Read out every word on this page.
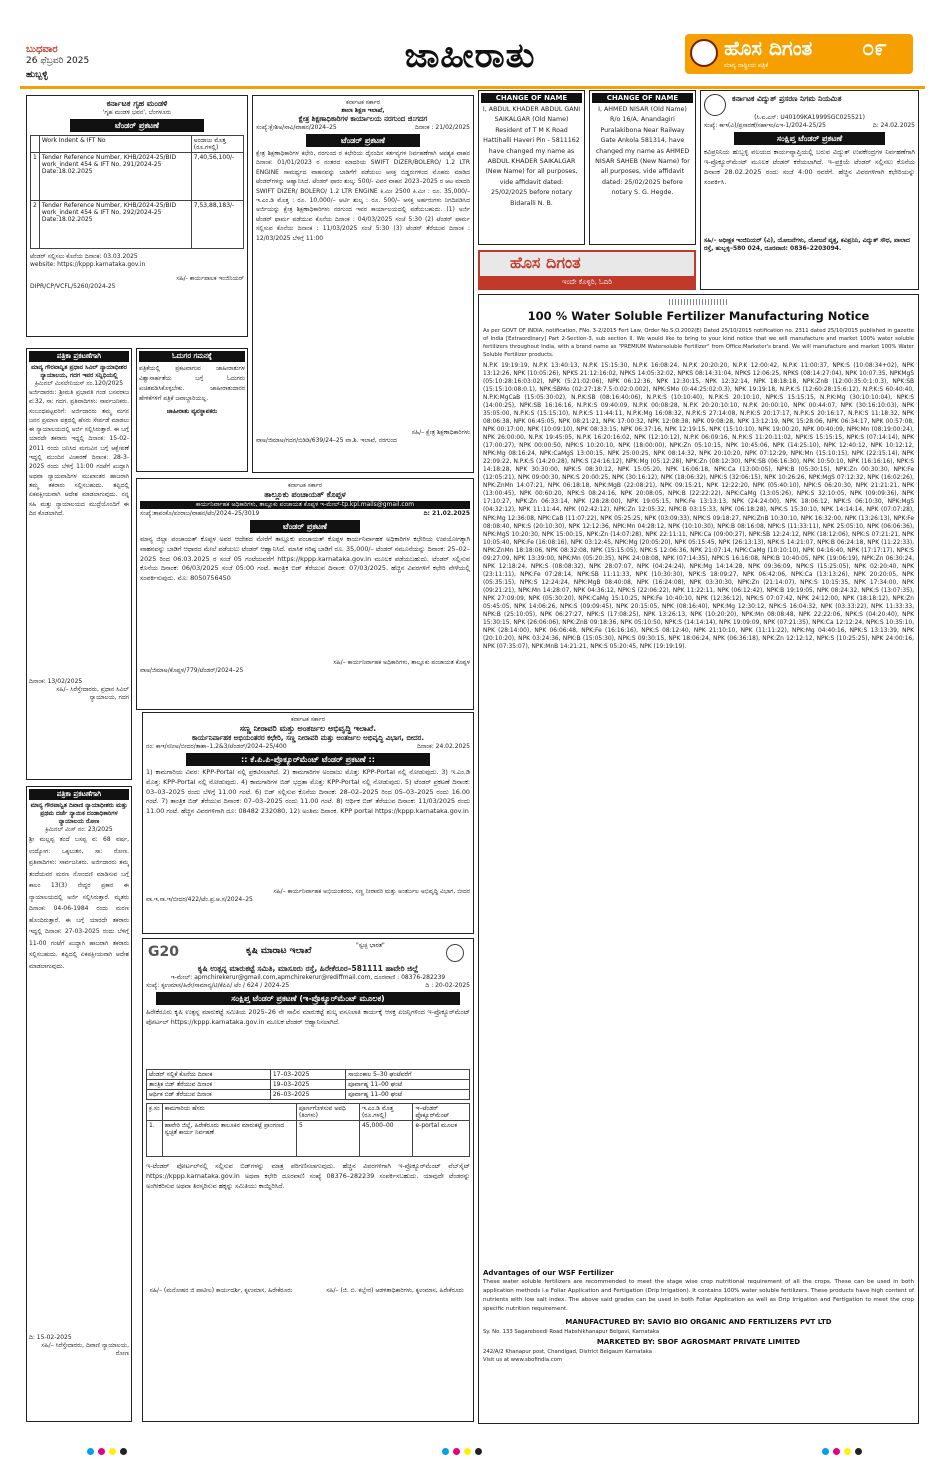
ಬುಧವಾರ
26 ಫೆಬ್ರವರಿ 2025
ಹುಬ್ಬಳ್ಳಿ	ಜಾಹೀರಾತು	ಹೊಸ ದಿಗಂತ
ಮಾನ್ಯ ರಾಷ್ಟ್ರೀಯ ಪತ್ರಿಕೆ
೦೯
ಕರ್ನಾಟಕ ಗೃಹ ಮಂಡಳಿ
'ಗೃಹ ಮಂಡಳಿ ಭವನ', ಬೆಂಗಳೂರು
ಟೆಂಡರ್ ಪ್ರಕಟಣೆ
	Work Indent & IFT No	ಅಂದಾಜು ಮೊತ್ತ (ರೂ.ಗಳಲ್ಲಿ)
1	Tender Reference Number, KHB/2024-25/BID work_indent 454 & IFT No. 291/2024-25 Date:18.02.2025	7,40,56,100/-
2	Tender Reference Number, KHB/2024-25/BID work_indent 454 & IFT No. 292/2024-25 Date:18.02.2025	7,53,88,183/-
ಟೆಂಡರ್ ಸಲ್ಲಿಸಲು ಕೊನೆಯ ದಿನಾಂಕ: 03.03.2025
website: https://kppp.karnataka.gov.in
ಸಹಿ/- ಕಾರ್ಯಪಾಲಕ ಇಂಜಿನಿಯರ್
DIPR/CP/VCFL/5260/2024-25
ಕರ್ನಾಟಕ ಸರ್ಕಾರ
ಶಾಲಾ ಶಿಕ್ಷಣ ಇಲಾಖೆ,
ಕ್ಷೇತ್ರ ಶಿಕ್ಷಣಾಧಿಕಾರಿಗಳ ಕಾರ್ಯಾಲಯ ನರಗುಂದ ಜಿ:ಗದಗ
ಸಂಖ್ಯೆ:ಕ್ಷೇಶಿಅ/ಸಾವಿ/ವಾಹನ/2024–25	ದಿನಾಂಕ : 21/02/2025
ಟೆಂಡರ್ ಪ್ರಕಟಣೆ
ಕ್ಷೇತ್ರ ಶಿಕ್ಷಣಾಧಿಕಾರಿಗಳ ಕಛೇರಿ, ನರಗುಂದ ರ ಕಛೇರಿಯ ದೈನಂದಿನ ಕರ್ತವ್ಯಗಳ ನಿರ್ವಹಣೆಗಾಗಿ ಅವಶ್ಯಕ ವಾಹನ ದಿನಾಂಕ: 01/01/2023 ರ ನಂತರದ ಮಾದರಿಯ SWIFT DIZER/BOLERO/ 1.2 LTR ENGINE ಸಾಮರ್ಥ್ಯದ ವಾಹನವನ್ನು ಬಾಡಿಗೆಗೆ ಪಡೆಯಲು ಆಸಕ್ತ ಬಿಡ್ಡರುಗಳಿಂದ ಮೊಹರು ಮಾಡಿದ ಟೆಂಡರ್‌ಗಳನ್ನು ಆಹ್ವಾನಿಸಿದೆ. ಟೆಂಡರ್ ಫಾರಂ ಶುಲ್ಕ: 500/- ವಿವರ ವಾಹನ 2023–2025 ರ ಆಟ ಮಾದರಿ SWIFT DIZER/ BOLERO/ 1.2 LTR ENGINE ಕಿ.ಮೀ 2500 ಕಿ.ಮೀ : ರೂ. 35,000/– ಇ.ಎಂ.ಡಿ ಮೊತ್ತ : ರೂ. 10,000/– ಆರ್ಟಿ ಶುಲ್ಕ : ರೂ. 500/– ಆಸಕ್ತ ಅರ್ಹರುಗಳು ನಿಗದಿಪಡಿಸಿದ ಅರ್ಜಿಯನ್ನು ಕ್ಷೇತ್ರ ಶಿಕ್ಷಣಾಧಿಕಾರಿಗಳು ನರಗುಂದ ಇವರ ಕಾರ್ಯಾಲಯದಲ್ಲಿ ಪಡೆಯಬಹುದು. (1) ಅರ್ಜಿ ಟೆಂಡರ್ ಫಾರ್ಮ ಪಡೆಯುವ ಕೊನೆಯ ದಿನಾಂಕ : 04/03/2025 ಸಂಜೆ 5:30 (2) ಟೆಂಡರ್ ಫಾರ್ಮ ಸಲ್ಲಿಸುವ ಕೊನೆಯ ದಿನಾಂಕ : 11/03/2025 ಸಂಜೆ 5:30 (3) ಟೆಂಡರ್ ತೆರೆಯುವ ದಿನಾಂಕ : 12/03/2025 ಬೆಳಿಗ್ಗೆ 11:00
ಸಹಿ/– ಕ್ಷೇತ್ರ ಶಿಕ್ಷಣಾಧಿಕಾರಿಗಳು
ವಾಅ/ಜಿಮಾಅ/ಗದಗ/ಬಿಡಿಡಿ/639/24–25 ವಾ.ಶಿ. ಇಲಾಖೆ, ನರಗುಂದ
CHANGE OF NAME
I, ABDUL KHADER ABDUL GANI SAIKALGAR (Old Name) Resident of T M K Road Hattihalli Haveri Pin - 5811162 have changed my name as ABDUL KHADER SAIKALGAR (New Name) for all purposes, vide affidavit dated: 25/02/2025 before notary Bidaralli N. B.
CHANGE OF NAME
I, AHMED NISAR (Old Name) R/o 16/A, Anandagiri Puralakibona Near Railway Gate Ankola 581314, have changed my name as AHMED NISAR SAHEB (New Name) for all purposes, vide affidavit dated: 25/02/2025 before notary S. G. Hegde.
ಹೊಸ ದಿಗಂತ
ಇಂದೇ ಕೊಳ್ಳಿರಿ, ಓದಿರಿ
ಕರ್ನಾಟಕ ವಿದ್ಯುತ್ ಪ್ರಸರಣ ನಿಗಮ ನಿಯಮಿತ
(ಸಿ.ಐ.ಎನ್: U40109KA1999SGC025521)
ಸಂಖ್ಯೆ: ಕಾಇ(ವಿ)/ಪ್ರಸಾರಣೆ/ಸಹಾಇಂ/ಎಇ-1/2024-25/25	ದಿ: 24.02.2025
ಸಂಕ್ಷಿಪ್ತ ಟೆಂಡರ್ ಪ್ರಕಟಣೆ
ಕವಿಪ್ರನಿನಿಯ ಹುಬ್ಬಳ್ಳಿ ವಲಯದ ಕಾರ್ಯವ್ಯಾಪ್ತಿಯಲ್ಲಿ ಬರುವ ವಿದ್ಯುತ್ ಉಪಕೇಂದ್ರಗಳ ನಿರ್ವಹಣೆಗಾಗಿ ಇ-ಪ್ರೊಕ್ಯೂರ್‌ಮೆಂಟ್ ಮೂಲಕ ಟೆಂಡರ್ ಕರೆಯಲಾಗಿದೆ. ಇ–ಪ್ರಕ್ರಿಯೆ ಟೆಂಡರ್ ಸಲ್ಲಿಸಲು ಕೊನೆಯ ದಿನಾಂಕ 28.02.2025 ರಂದು ಸಂಜೆ 4:00 ರವರೆಗೆ. ಹೆಚ್ಚಿನ ವಿವರಗಳಿಗಾಗಿ ಕಛೇರಿಯನ್ನು ಸಂಪರ್ಕಿಸಿ.
ಸಹಿ/– ಅಧೀಕ್ಷಕ ಇಂಜಿನಿಯರ್ (ವಿ), ಯೋಜನೆಗಳು, ಯೋಜನೆ ವೃತ್ತ, ಕವಿಪ್ರನಿನಿ, ವಿದ್ಯುತ್ ಸೌಧ, ಪಾಲಾದ ರಸ್ತೆ, ಹುಬ್ಬಳ್ಳಿ–580 024, ದೂರವಾಣಿ: 0836–2203094.
100 % Water Soluble Fertilizer Manufacturing Notice
As per GOVT OF INDIA, notification, FNo. 3-2/2015 Fert Law, Order No.S.O.2002(E) Dated 25/10/2015 notification no. 2311 dated 25/10/2015 published in gazette of India [Extraordinary] Part 2-Section-3, sub section II. We would like to bring to your kind notice that we will manufacture and market 100% water soluble fertilizers throughout India, with a brand name as "PREMIUM Watersoluble Fertilizer" from Office:Marketer's brand. We will manufacture and market 100% Water Soluble Fertilizer products.
N.P.K 19:19:19, N.P.K 13:40:13, N.P.K 15:15:30, N.P.K 16:08:24, N.P.K 20:20:20, N.P.K 12:00:42, N.P.K 11:00:37, NPK:S (10:08:34+02), NPK 13:12:26, NPK (10:05:26), NPKS 21:12:16:02, NPKS 14:05:32:02, NPKS 08:14:31:04, NPKS 12:06:25, NPKS (08:14:27:04), NPK 10:07:35, NPKMgS (05:10:28:16:03:02), NPK (5:21:02:06), NPK 06:12:36, NPK 12:30:15, NPK 12:32:14, NPK 18:18:18, NPK:ZnB (12:00:35:0:1:0.3), NPK:SB (15:15:10:08:0.1), NPK:SBMo (02:27:18:7.5:0.02:0.002), NPK:SMo (0:44:25:02:0.3), NPK 19:19:18, N.P.K:S (12:60:28:15:6:12), N.P.K:S 60:40:40, N.P.K:MgCaB (15:05:30:02), N.P.K:SB (08:16:40:06), N.P.K:S (10:10:40), N.P.K:S 20:10:10, NPK:S 15:15:15, N.P.K:Mg (30:10:10:04), NPK:S (14:00:25), NPK:SB 16:16:16, N.P.K:S 09:40:09, N.P.K 00:08:28, N.P.K 20:20:10:10, N.P.K 20:00:10, NPK 00:44:07, NPK (30:16:10:03), NPK 35:05:00, N.P.K:S (15:15:10), N.P.K:S 11:44:11, N.P.K:Mg 16:08:32, N.P.K:S 27:14:08, N.P.K:S 20:17:17, N.P.K:S 20:16:17, N.P.K:S 11:18:32, NPK 08:06:38, NPK 06:45:05, NPK 08:21:21, NPK 17:00:32, NPK 12:08:38, NPK 09:08:28, NPK 13:12:19, NPK 15:28:06, NPK 06:34:17, NPK 00:57:08, NPK 00:17:00, NPK (10:09:10), NPK 08:33:15, NPK 06:37:16, NPK 12:19:15, NPK (15:10:10), NPK 19:00:20, NPK 00:40:09, NPK:Mn (08:19:00:24), NPK 26:00:00, N.P.K 19:45:05, N.P.K 16:20:16:02, NPK (12:10:12), N.P.K 06:09:16, N.P.K:S 11:20:11:02, NPK:S 15:15:15, NPK:S (07:14:14), NPK (17:00:27), NPK 00:00:50, NPK:S 10:20:10, NPK (18:00:00), NPK:Zn 05:10:15, NPK 10:45:06, NPK (14:25:10), NPK 12:40:12, NPK 10:12:12, NPK:Mg 08:16:24, NPK:CaMgS 13:00:15, NPK 25:00:25, NPK 08:14:32, NPK 20:10:20, NPK 07:12:29, NPK:Mn (15:10:15), NPK (22:15:14), NPK 22:09:22, N.P.K:S (14:20:28), NPK:S (24:16:12), NPK:Mg (05:12:28), NPK:Zn (08:12:30), NPK:SB (06:16:30), NPK 10:50:10, NPK (16:16:16), NPK:S 14:18:28, NPK 30:30:00, NPK:S 08:30:12, NPK 15:05:20, NPK 16:06:18, NPK:Ca (13:00:05), NPK:B (05:30:15), NPK:Zn 00:30:30, NPK:Fe (12:05:21), NPK 09:00:30, NPK:S 20:00:25, NPK (30:16:12), NPK (18:06:32), NPK:S (32:06:15), NPK 10:26:26, NPK:MgS 07:12:32, NPK (16:02:26), NPK:ZnMn 14:07:21, NPK 06:18:18, NPK:MgB (22:08:21), NPK 09:15:21, NPK 12:22:20, NPK (05:40:10), NPK:S 06:20:30, NPK 21:21:21, NPK (13:00:45), NPK 00:60:20, NPK:S 08:24:16, NPK 20:08:05, NPK:B (22:22:22), NPK:CaMg (13:05:26), NPK:S 32:10:05, NPK (09:09:36), NPK 17:10:27, NPK:Zn 06:33:14, NPK (28:28:00), NPK 19:05:15, NPK:Fe 13:13:13, NPK (24:24:00), NPK 18:06:12, NPK:S 06:10:30, NPK:MgS (04:32:12), NPK 11:11:44, NPK (02:42:12), NPK:Zn 12:05:32, NPK:B 03:15:33, NPK (06:18:28), NPK:S 15:30:10, NPK 14:14:14, NPK (07:07:28), NPK:Mg 12:36:08, NPK:CaB (11:07:22), NPK 05:25:25, NPK (03:09:33), NPK:S 09:18:27, NPK:ZnB 10:30:10, NPK 16:32:00, NPK (13:26:13), NPK:Fe 08:08:40, NPK:S (20:10:30), NPK 12:12:36, NPK:Mn 04:28:12, NPK (10:10:30), NPK:B 08:16:08, NPK:S (11:33:11), NPK 25:05:10, NPK (06:06:36), NPK:MgS 10:20:30, NPK 15:00:15, NPK:Zn (14:07:28), NPK 22:11:11, NPK:Ca (09:00:27), NPK:SB 12:24:12, NPK (18:12:06), NPK:S 07:21:21, NPK 10:05:40, NPK:Fe (16:08:16), NPK 03:12:45, NPK:Mg (20:05:20), NPK 05:15:45, NPK (26:13:13), NPK:S 14:21:07, NPK:B 06:24:18, NPK (11:22:33), NPK:ZnMn 18:18:06, NPK 08:32:08, NPK (15:15:05), NPK:S 12:06:36, NPK 21:07:14, NPK:CaMg (10:10:10), NPK 04:16:40, NPK (17:17:17), NPK:S 09:27:09, NPK 13:39:00, NPK:Mn (05:20:35), NPK 24:08:08, NPK (07:14:35), NPK:S 16:16:08, NPK:B 10:40:05, NPK (19:06:19), NPK:Zn 06:30:24, NPK 12:18:24, NPK:S (08:08:32), NPK 28:07:07, NPK (04:24:24), NPK:Mg 14:14:28, NPK 09:36:09, NPK:S (15:25:05), NPK 02:20:40, NPK (23:11:11), NPK:Fe 07:28:14, NPK:SB 11:11:33, NPK (10:30:30), NPK:S 18:09:27, NPK 06:42:06, NPK:Ca (13:13:26), NPK 20:20:05, NPK (05:35:15), NPK:S 12:24:24, NPK:MgB 08:40:08, NPK (16:24:08), NPK 03:30:30, NPK:Zn (21:14:07), NPK:S 10:15:35, NPK 17:34:00, NPK (09:21:21), NPK:Mn 14:28:07, NPK 04:36:12, NPK:S (22:06:22), NPK 11:22:11, NPK (06:12:42), NPK:B 19:19:05, NPK 08:24:32, NPK:S (13:07:35), NPK 27:09:09, NPK (05:30:20), NPK:CaMg 15:10:25, NPK:Fe 10:40:10, NPK (12:36:12), NPK:S 07:07:42, NPK 24:12:00, NPK (18:18:12), NPK:Zn 05:45:05, NPK 14:06:26, NPK:S (09:09:45), NPK 20:15:05, NPK (08:16:40), NPK:Mg 12:30:12, NPK:S 16:04:32, NPK (03:33:22), NPK 11:33:33, NPK:B (25:10:05), NPK 06:27:27, NPK:S (17:08:25), NPK 13:26:13, NPK (10:20:20), NPK:Mn 08:08:48, NPK 22:22:06, NPK:S (04:20:40), NPK 15:30:15, NPK (26:06:06), NPK:ZnB 09:18:36, NPK 05:10:50, NPK:S (14:14:14), NPK 19:09:09, NPK (07:21:35), NPK:Ca 12:12:24, NPK:S 10:35:10, NPK (28:14:00), NPK 06:06:48, NPK:Fe (16:16:16), NPK:S 08:12:40, NPK 21:10:10, NPK (11:11:22), NPK:Mg 04:40:16, NPK:S 13:13:39, NPK (20:10:20), NPK 03:24:36, NPK:B (15:05:30), NPK:S 09:30:15, NPK 18:06:24, NPK (06:36:18), NPK:Zn 12:12:12, NPK:S (10:25:25), NPK 24:00:16, NPK (07:35:07), NPK:MnB 14:21:21, NPK:S 05:20:45, NPK (19:19:19).
Advantages of our WSF Fertilizer
These water soluble fertilizers are recommended to meet the stage wise crop nutritional requirement of all the crops. These can be used in both application methods i.e Foliar Application and Fertigation (Drip Irrigation). It contains 100% water soluble fertilizers. These products have high content of nutrients with low salt index. The above said grades can be used in both Foliar Application as well as Drip Irrigation and Fertigation to meet the crop specific nutrition requirement.
MANUFACTURED BY: SAVIO BIO ORGANIC AND FERTILIZERS PVT LTD
Sy. No. 133 Sagarebeedi Road Habshikhanapur Belgavi, Karnataka
MARKETED BY: SBOF AGROSMART PRIVATE LIMITED
242/A/2 Khanapur post, Chandigad, District Belgaum Karnataka
Visit us at www.sbofindia.com
ಪತ್ರಿಕಾ ಪ್ರಕಟಣೆಗಾಗಿ
ಮಾನ್ಯ ಗೌರವಾನ್ವಿತ ಪ್ರಧಾನ ಸಿವಿಲ್ ನ್ಯಾಯಾಧೀಶರ ನ್ಯಾಯಾಲಯ, ಗದಗ ಇವರ ಸನ್ನಿಧಿಯಲ್ಲಿ
ಕ್ರಿಮಿನಲ್ ಮಿಸಲೇನಿಯಸ್ ನಂ.120/2025
ಅರ್ಜಿದಾರರು: ಶ್ರೀಮತಿ ಪ್ರಭಾವತಿ ಗಂಡ ಬಸವರಾಜ ವ:32, ಸಾ: ಗದಗ. ಪ್ರತಿವಾದಿಗಳು: ಸಾರ್ವಜನಿಕರು. ಸಂಬಂಧಪಟ್ಟವರಿಗೆ: ಅರ್ಜಿದಾರರು ತಮ್ಮ ಮಗನ ಜನನ ಪ್ರಮಾಣ ಪತ್ರದಲ್ಲಿ ಹೆಸರು ಸೇರ್ಪಡೆ ಮಾಡಲು ಈ ನ್ಯಾಯಾಲಯದಲ್ಲಿ ಅರ್ಜಿ ಸಲ್ಲಿಸಿರುತ್ತಾರೆ. ಈ ಬಗ್ಗೆ ಯಾರದೇ ತಕರಾರು ಇದ್ದಲ್ಲಿ ದಿನಾಂಕ: 15-02-2011 ರಂದು ಜನಿಸಿದ ಮಗುವಿನ ಬಗ್ಗೆ ಆಕ್ಷೇಪಣೆ ಇದ್ದಲ್ಲಿ ಮುಂದಿನ ವಿಚಾರಣೆ ದಿನಾಂಕ: 28-3-2025 ರಂದು ಬೆಳಿಗ್ಗೆ 11:00 ಗಂಟೆಗೆ ಖುದ್ದಾಗಿ ಅಥವಾ ನ್ಯಾಯವಾದಿಗಳ ಮುಖಾಂತರ ಹಾಜರಾಗಿ ತಮ್ಮ ತಕರಾರು ಸಲ್ಲಿಸಬಹುದು. ತಪ್ಪಿದಲ್ಲಿ ಏಕಪಕ್ಷೀಯವಾಗಿ ಆದೇಶ ಮಾಡಲಾಗುವುದು. ನನ್ನ ಸಹಿ ಮತ್ತು ನ್ಯಾಯಾಲಯದ ಮುದ್ರೆಯೊಂದಿಗೆ ಈ ದಿನ ಕೊಡಲಾಗಿದೆ.
ದಿನಾಂಕ: 13/02/2025
ಸಹಿ/– ಸಿರೆಸ್ತೇದಾರರು, ಪ್ರಧಾನ ಸಿವಿಲ್ ನ್ಯಾಯಾಲಯ, ಗದಗ
ಓದುಗರ ಗಮನಕ್ಕೆ
ಪತ್ರಿಕೆಯಲ್ಲಿ ಪ್ರಕಟವಾಗುವ ಜಾಹೀರಾತುಗಳ ವಿಶ್ವಾಸಾರ್ಹತೆಯ ಬಗ್ಗೆ ಓದುಗರು ಖಚಿತಪಡಿಸಿಕೊಳ್ಳಬೇಕು. ಜಾಹೀರಾತುದಾರರ ಹೇಳಿಕೆಗಳಿಗೆ ಪತ್ರಿಕೆ ಜವಾಬ್ದಾರಿಯಲ್ಲ.
ಜಾಹೀರಾತು ವ್ಯವಸ್ಥಾಪಕರು
ಕರ್ನಾಟಕ ಸರ್ಕಾರ
ತಾಲ್ಲೂಕು ಪಂಚಾಯತ್ ಕೊಪ್ಪಳ
ಕಾರ್ಯನಿರ್ವಾಹಕ ಅಧಿಕಾರಿಗಳು, ತಾಲ್ಲೂಕು ಪಂಚಾಯತ ಕೊಪ್ಪಳ ಇ-ಮೇಲ್-tp.kpl.mails@gmail.com
ಸಂಖ್ಯೆ:ತಾಪಂಕೊ/ಪಂರಾಜ/ವಾಹನ/ಟೆಂ/2024–25/3019	ದಿ: 21.02.2025
ಟೆಂಡರ್ ಪ್ರಕಟಣೆ
ಮಾನ್ಯ ಜಿಲ್ಲಾ ಪಂಚಾಯತ್ ಕೊಪ್ಪಳ ಅವರ ಆದೇಶದ ಮೇರೆಗೆ ತಾಲ್ಲೂಕು ಪಂಚಾಯತ್ ಕೊಪ್ಪಳ ಕಾರ್ಯನಿರ್ವಾಹಕ ಅಧಿಕಾರಿಗಳ ಕಛೇರಿಯ ಉಪಯೋಗಕ್ಕಾಗಿ ವಾಹನವನ್ನು ಬಾಡಿಗೆ ಆಧಾರದ ಮೇಲೆ ಪಡೆಯಲು ಟೆಂಡರ್ ಆಹ್ವಾನಿಸಿದೆ. ಮಾಸಿಕ ಗರಿಷ್ಠ ಬಾಡಿಗೆ ರೂ. 35,000/– ಟೆಂಡರ್ ನಮೂನೆಯನ್ನು ದಿನಾಂಕ: 25–02–2025 ರಿಂದ 06.03.2025 ರ ಸಂಜೆ 05 ಗಂಟೆಯವರೆಗೆ https://kppp.karnataka.gov.in ಮೂಲಕ ಪಡೆಯಬಹುದು. ಟೆಂಡರ್ ಸಲ್ಲಿಸುವ ಕೊನೆಯ ದಿನಾಂಕ: 06/03/2025 ಸಂಜೆ 05:00 ಗಂಟೆ. ತಾಂತ್ರಿಕ ಬಿಡ್ ತೆರೆಯುವ ದಿನಾಂಕ: 07/03/2025. ಹೆಚ್ಚಿನ ವಿವರಗಳಿಗೆ ಕಛೇರಿ ವೇಳೆಯಲ್ಲಿ ಸಂಪರ್ಕಿಸುವುದು. ಮೊ: 8050756450
ಸಹಿ/– ಕಾರ್ಯನಿರ್ವಾಹಕ ಅಧಿಕಾರಿಗಳು, ತಾಲ್ಲೂಕು ಪಂಚಾಯತ ಕೊಪ್ಪಳ
ವಾಅ/ಜಿಮಾಅ/ಕೊಪ್ಪಳ/779/ಟೆಂಡರ್/2024–25
ಕರ್ನಾಟಕ ಸರ್ಕಾರ
ಸಣ್ಣ ನೀರಾವರಿ ಮತ್ತು ಅಂತರ್ಜಲ ಅಭಿವೃದ್ಧಿ ಇಲಾಖೆ.
ಕಾರ್ಯನಿರ್ವಾಹಕ ಅಭಿಯಂತರರ ಕಛೇರಿ, ಸಣ್ಣ ನೀರಾವರಿ ಮತ್ತು ಅಂತರ್ಜಲ ಅಭಿವೃದ್ಧಿ ವಿಭಾಗ, ಬೀದರ.
ನಂ: ಕಾಇ/ಸನೀಅ/ಬೀದರ/ತಾಶಾ–1,2&3/ಟೆಂಡರ್/2024–25/400	ದಿನಾಂಕ: 24.02.2025
:: ಕೆ.ಪಿ.ಪಿ-ಪ್ರೊಕ್ಯೂರ್‌ಮೆಂಟ್ ಟೆಂಡರ್ ಪ್ರಕಟಣೆ ::
1) ಕಾಮಗಾರಿಯ ವಿವರ: KPP-Portal ನಲ್ಲಿ ಪ್ರಕಟಿಸಲಾಗಿದೆ. 2) ಕಾಮಗಾರಿಗಳ ಅಂದಾಜು ಮೊತ್ತ: KPP-Portal ನಲ್ಲಿ ನೋಡುವುದು. 3) ಇ.ಎಂ.ಡಿ ಮೊತ್ತ: KPP-Portal ನಲ್ಲಿ ನೋಡುವುದು. 4) ಕಾಮಗಾರಿಗಳ ಬಿಡ್ ಭದ್ರತಾ ಮೊತ್ತ: KPP-Portal ನಲ್ಲಿ ನೋಡುವುದು. 5) ಟೆಂಡರ್ ಪ್ರಕಟಣೆ ದಿನಾಂಕ: 03–03–2025 ರಂದು ಬೆಳಿಗ್ಗೆ 11.00 ಗಂಟೆ. 6) ಬಿಡ್ ಸಲ್ಲಿಸುವ ಕೊನೆಯ ದಿನಾಂಕ: 28–02–2025 ರಿಂದ 05–03–2025 ರಂದು 16.00 ಗಂಟೆ. 7) ತಾಂತ್ರಿಕ ಬಿಡ್ ತೆರೆಯುವ ದಿನಾಂಕ: 07–03–2025 ರಂದು 11.00 ಗಂಟೆ. 8) ಆರ್ಥಿಕ ಬಿಡ್ ತೆರೆಯುವ ದಿನಾಂಕ: 11/03/2025 ರಂದು 11.00 ಗಂಟೆ. ಹೆಚ್ಚಿನ ವಿವರಗಳಿಗಾಗಿ ದೂ: 08482 232080, 12) ಅಂತಿಮ ದಿನಾಂಕ. KPP portal https://kppp.karnataka.gov.in
ಸಹಿ/– ಕಾರ್ಯನಿರ್ವಾಹಕ ಅಭಿಯಂತರರು, ಸಣ್ಣ ನೀರಾವರಿ ಮತ್ತು ಅಂತರ್ಜಲ ಅಭಿವೃದ್ಧಿ ವಿಭಾಗ, ಬೀದರ
ವಾ.ಇ.ಸಾ.ಇ/ಬೀದರ/422/ಟೆಂ.ಪ್ರ.ಆ.ಸ/2024–25
ಪತ್ರಿಕಾ ಪ್ರಕಟಣೆಗಾಗಿ
ಮಾನ್ಯ ಗೌರವಾನ್ವಿತ ದಿವಾಣಿ ನ್ಯಾಯಾಧೀಶರು ಮತ್ತು ಪ್ರಥಮ ದರ್ಜೆ ನ್ಯಾಯಿಕ ದಂಡಾಧಿಕಾರಿಗಳ ನ್ಯಾಯಾಲಯ ರೋಣ
ಕ್ರಿಮಿನಲ್ ಮಿಸ್ ನಂ: 23/2025
ಶ್ರೀ ಮಲ್ಲಪ್ಪ ತಂದೆ ಬಸಪ್ಪ ವ: 68 ವರ್ಷ, ಉದ್ಯೋಗ: ಒಕ್ಕಲುತನ, ಸಾ: ರೋಣ. ಪ್ರತಿವಾದಿಗಳು: ಸಾರ್ವಜನಿಕರು. ಅರ್ಜಿದಾರರು ತಮ್ಮ ತಂದೆಯವರ ಮರಣ ನೋಂದಣಿ ಮಾಡಿಸುವ ಬಗ್ಗೆ ಕಾಲಂ 13(3) ನೇದ್ದರ ಪ್ರಕಾರ ಈ ನ್ಯಾಯಾಲಯದಲ್ಲಿ ಅರ್ಜಿ ಸಲ್ಲಿಸಿರುತ್ತಾರೆ. ಮೃತರು ದಿನಾಂಕ: 04-06-1984 ರಂದು ಮರಣ ಹೊಂದಿರುತ್ತಾರೆ. ಈ ಬಗ್ಗೆ ಯಾರದೇ ತಕರಾರು ಇದ್ದಲ್ಲಿ ದಿನಾಂಕ: 27-03-2025 ರಂದು ಬೆಳಿಗ್ಗೆ 11-00 ಗಂಟೆಗೆ ಖುದ್ದಾಗಿ ಹಾಜರಾಗಿ ತಕರಾರು ಸಲ್ಲಿಸಬಹುದು. ತಪ್ಪಿದಲ್ಲಿ ಏಕಪಕ್ಷೀಯವಾಗಿ ಆದೇಶ ಮಾಡಲಾಗುವುದು.
ದಿ: 15-02-2025
ಸಹಿ/– ಸಿರೆಸ್ತೇದಾರರು, ದಿವಾಣಿ ನ್ಯಾಯಾಲಯ, ರೋಣ
G20	ಕೃಷಿ ಮಾರಾಟ ಇಲಾಖೆ
"ಸ್ವಚ್ಛ ಭಾರತ"
ಕೃಷಿ ಉತ್ಪನ್ನ ಮಾರುಕಟ್ಟೆ ಸಮಿತಿ, ಮಾಸೂರು ರಸ್ತೆ, ಹಿರೇಕೆರೂರ–581111 ಹಾವೇರಿ ಜಿಲ್ಲೆ
ಇ-ಮೇಲ್: apmchirekerur@gmail.com,apmchirekerur@rediffmail.com, ದೂರವಾಣಿ : 08376-282239
ಸಂಖ್ಯೆ: ಕೃಉಮಾಸ/ಹಿರೇ/ಸಾಮಾನ್ಯ/ಟಿ/ಕೆಪಿಪಿ/ ಟೆಂ / 624 / 2024-25	ದಿ : 20-02-2025
ಸಂಕ್ಷಿಪ್ತ ಟೆಂಡರ್ ಪ್ರಕಟಣೆ (ಇ-ಪ್ರೊಕ್ಯೂರ್‌ಮೆಂಟ್ ಮೂಲಕ)
ಹಿರೇಕೆರೂರು ಕೃಷಿ ಉತ್ಪನ್ನ ಮಾರುಕಟ್ಟೆ ಸಮಿತಿಯ 2025–26 ನೇ ಸಾಲಿನ ಮಾರುಕಟ್ಟೆ ಶುಲ್ಕ ವಸೂಲಾತಿ ಕಾರ್ಯಕ್ಕೆ ಆಸಕ್ತ ಏಜನ್ಸಿಗಳಿಂದ ಇ-ಪ್ರೊಕ್ಯೂರ್‌ಮೆಂಟ್ ಪೋರ್ಟಲ್ https://kppp.karnataka.gov.in ಮೂಲಕ ಟೆಂಡರ್ ಆಹ್ವಾನಿಸಲಾಗಿದೆ.
ಟೆಂಡರ್ ಸಲ್ಲಿಕೆ ಕೊನೆಯ ದಿನಾಂಕ	17–03–2025	ಸಾಯಂಕಾಲ 5–30 ಘಂಟೆವರೆಗೆ
ತಾಂತ್ರಿಕ ಬಿಡ್ ತೆರೆಯುವ ದಿನಾಂಕ	19–03–2025	ಪೂರ್ವಾಹ್ನ 11–00 ಘಂಟೆ
ಆರ್ಥಿಕ ಬಿಡ್ ತೆರೆಯುವ ದಿನಾಂಕ	26–03–2025	ಪೂರ್ವಾಹ್ನ 11–00 ಘಂಟೆ
ಕ್ರ.ಸಂ	ಕಾಮಗಾರಿಯ ಹೆಸರು	ಪೂರ್ಣಗೊಳಿಸುವ ಅವಧಿ (ತಿಂಗಳು)	ಇ.ಎಂ.ಡಿ ಮೊತ್ತ (ರೂ.ಗಳಲ್ಲಿ)	ಇ–ಟೆಂಡರ್ ಪ್ರೊಕ್ಯೂರ್‌ಮೆಂಟ್
1.	ಹಾವೇರಿ ಜಿಲ್ಲೆ, ಹಿರೇಕೆರೂರು ತಾಲೂಕಿನ ಮಾರುಕಟ್ಟೆ ಪ್ರಾಂಗಣದ ಸ್ವಚ್ಛತೆ ಕಾರ್ಯ ನಿರ್ವಹಣೆ	5	45,000–00	e-portal ಮೂಲಕ
ಇ-ಟೆಂಡರ್ ಪೋರ್ಟಲ್‌ನಲ್ಲಿ ಸಲ್ಲಿಸುವ ಬಿಡ್‌ಗಳನ್ನು ಮಾತ್ರ ಪರಿಗಣಿಸಲಾಗುವುದು. ಹೆಚ್ಚಿನ ವಿವರಗಳಿಗಾಗಿ ಇ-ಪ್ರೊಕ್ಯೂರ್‌ಮೆಂಟ್ ವೆಬ್‌ಸೈಟ್ https://kppp.karnataka.gov.in ಅಥವಾ ಕಛೇರಿ ದೂರವಾಣಿ ಸಂಖ್ಯೆ 08376–282239 ಸಂಪರ್ಕಿಸಬಹುದು. ಯಾವುದೇ ಟೆಂಡರನ್ನು ಅಂಗೀಕರಿಸುವ ಅಥವಾ ತಿರಸ್ಕರಿಸುವ ಹಕ್ಕನ್ನು ಸಮಿತಿಯು ಕಾಯ್ದಿರಿಸಿದೆ.
ಸಹಿ/– (ಮನೋಹರ ಜಿ ಪಾಟೀಲ) ಕಾರ್ಯದರ್ಶಿ, ಕೃಉಮಾಸ, ಹಿರೇಕೆರೂರು	ಸಹಿ/– (ಜಿ. ಬಿ. ಕಬ್ಬೇರ) ಆಡಳಿತಾಧಿಕಾರಿಗಳು, ಕೃಉಮಾಸ, ಹಿರೇಕೆರೂರು
